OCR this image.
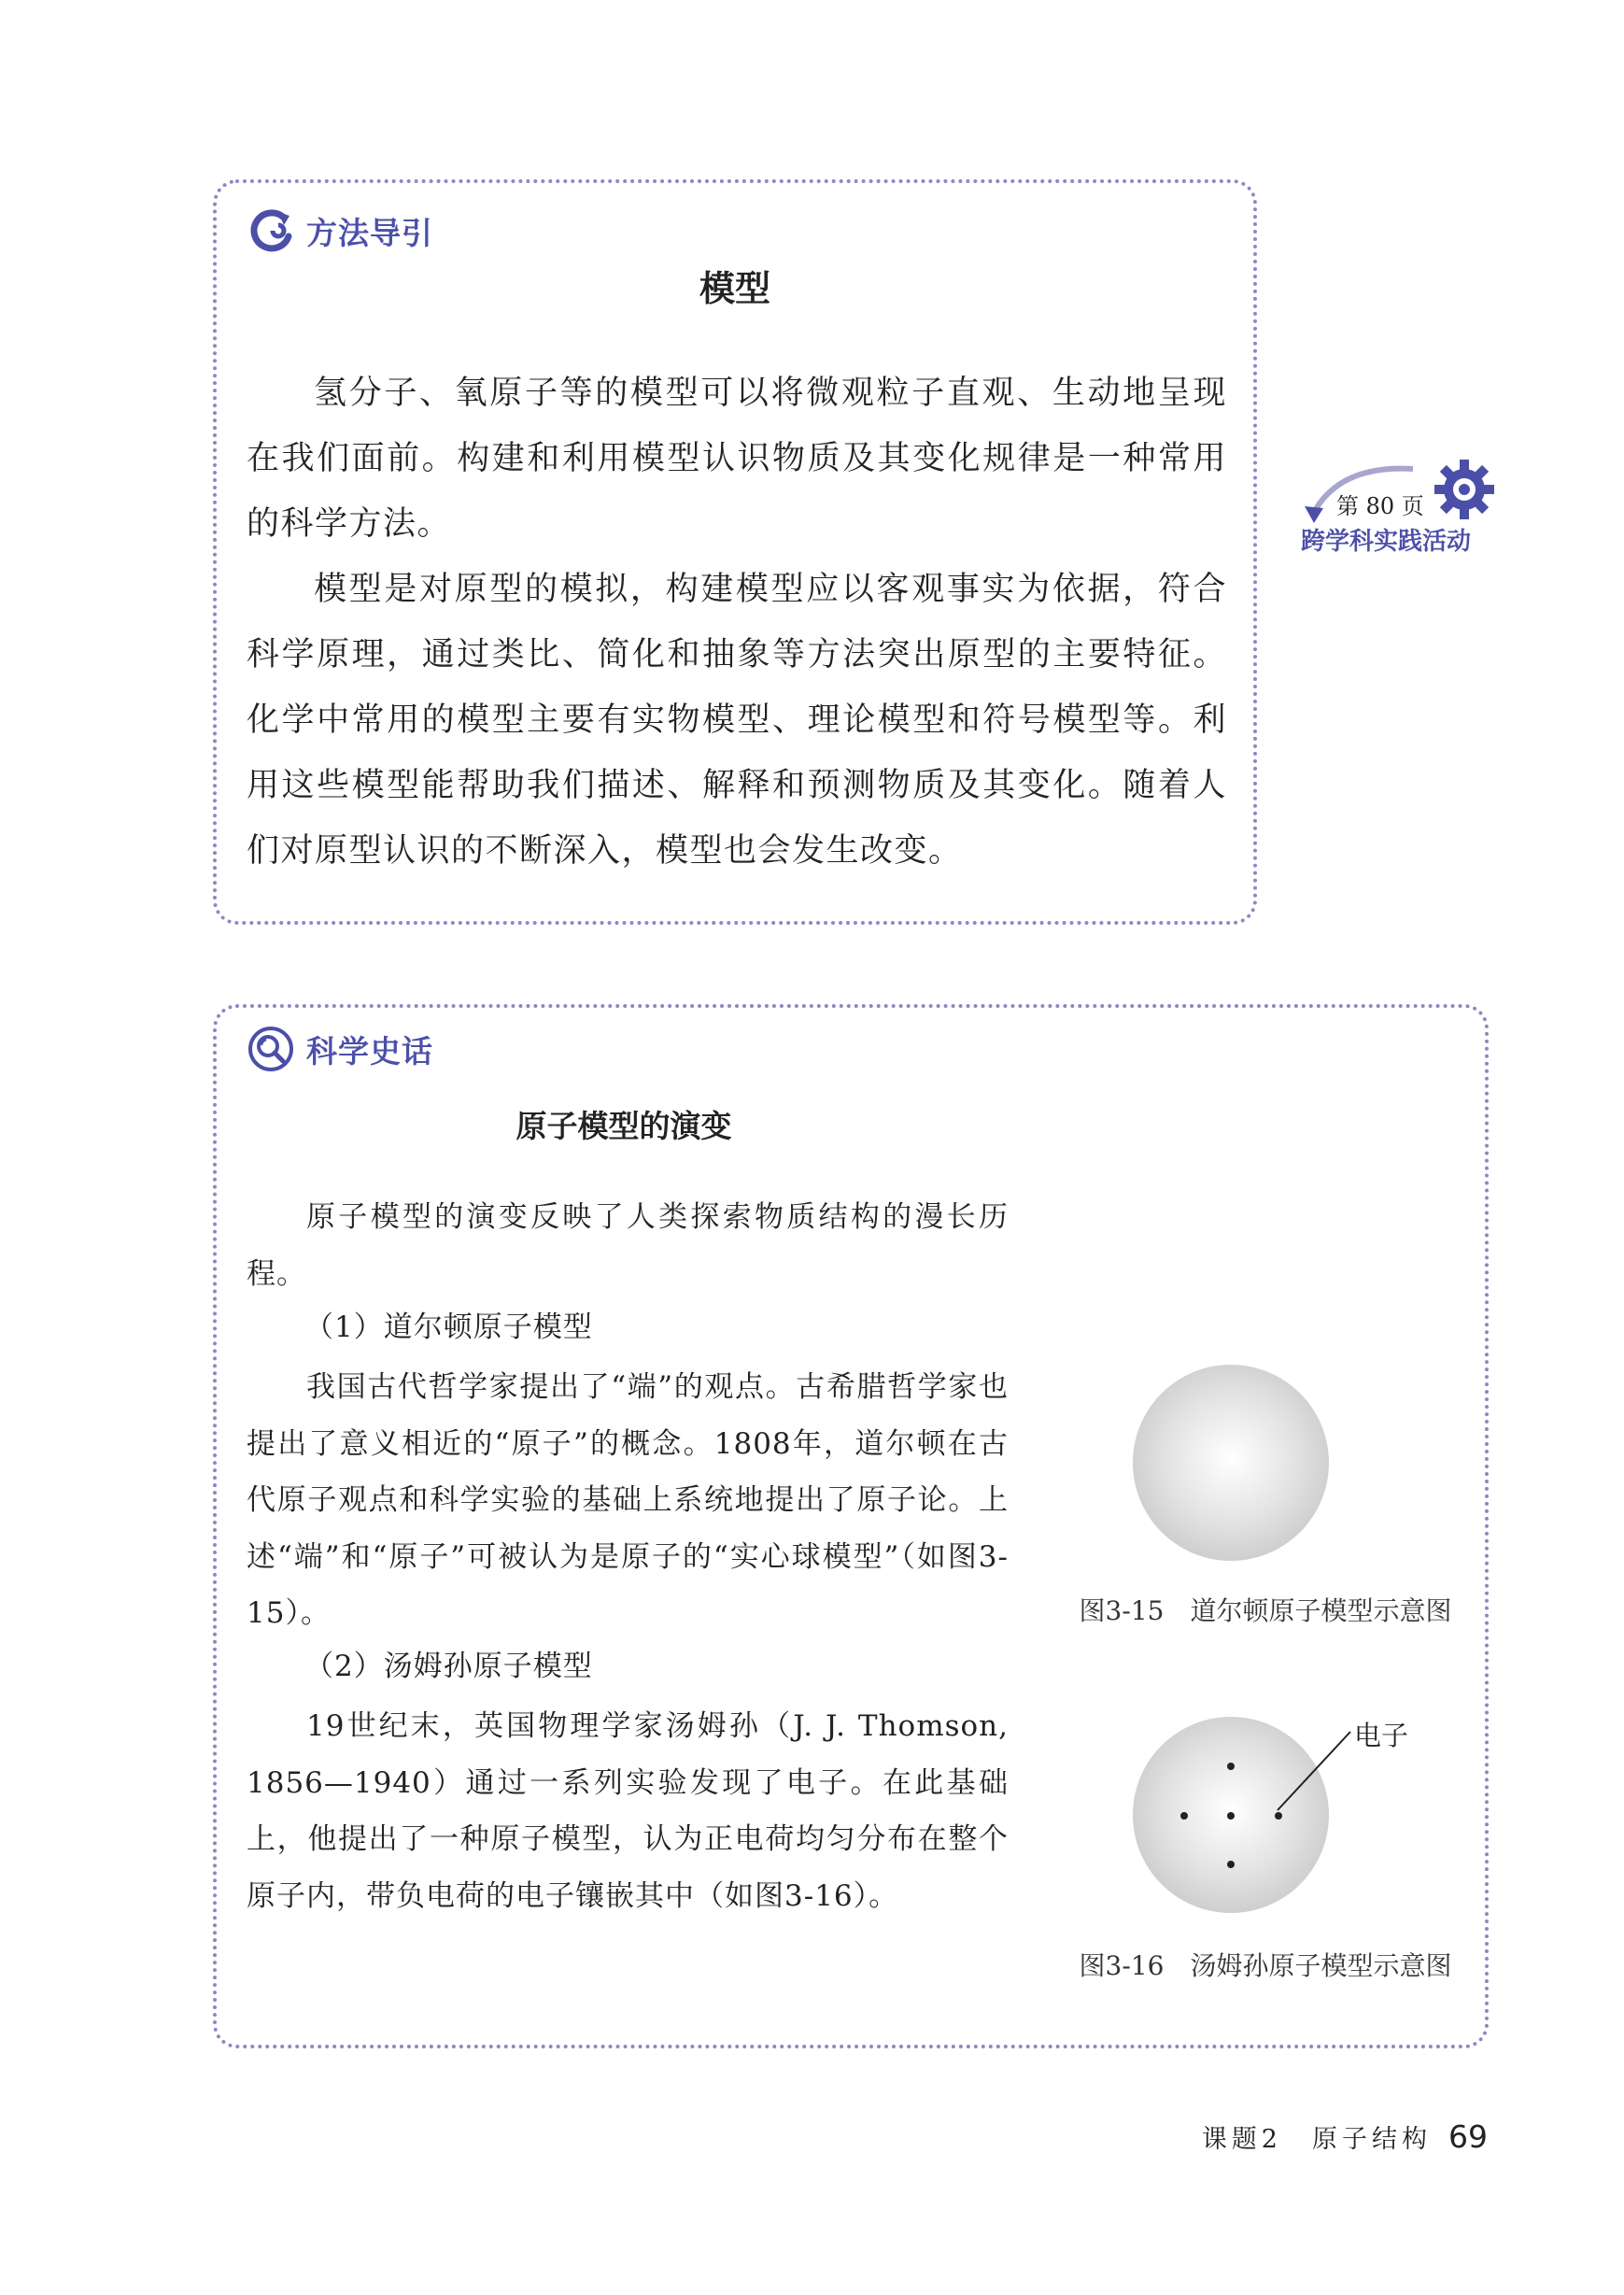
方法导引
模型

氢分子、氧原子等的模型可以将微观粒子直观、生动地呈现在我们面前。构建和利用模型认识物质及其变化规律是一种常用的科学方法。

模型是对原型的模拟，构建模型应以客观事实为依据，符合科学原理，通过类比、简化和抽象等方法突出原型的主要特征。化学中常用的模型主要有实物模型、理论模型和符号模型等。利用这些模型能帮助我们描述、解释和预测物质及其变化。随着人们对原型认识的不断深入，模型也会发生改变。

第 80 页
跨学科实践活动
科学史话
原子模型的演变

原子模型的演变反映了人类探索物质结构的漫长历程。

（1）道尔顿原子模型

我国古代哲学家提出了“端”的观点。古希腊哲学家也提出了意义相近的“原子”的概念。1808年，道尔顿在古代原子观点和科学实验的基础上系统地提出了原子论。上述“端”和“原子”可被认为是原子的“实心球模型”（如图3-15）。

（2）汤姆孙原子模型

19世纪末，英国物理学家汤姆孙（J. J. Thomson, 1856—1940）通过一系列实验发现了电子。在此基础上，他提出了一种原子模型，认为正电荷均匀分布在整个原子内，带负电荷的电子镶嵌其中（如图3-16）。

图3-15　道尔顿原子模型示意图
电子
图3-16　汤姆孙原子模型示意图
课题2　原子结构 69
